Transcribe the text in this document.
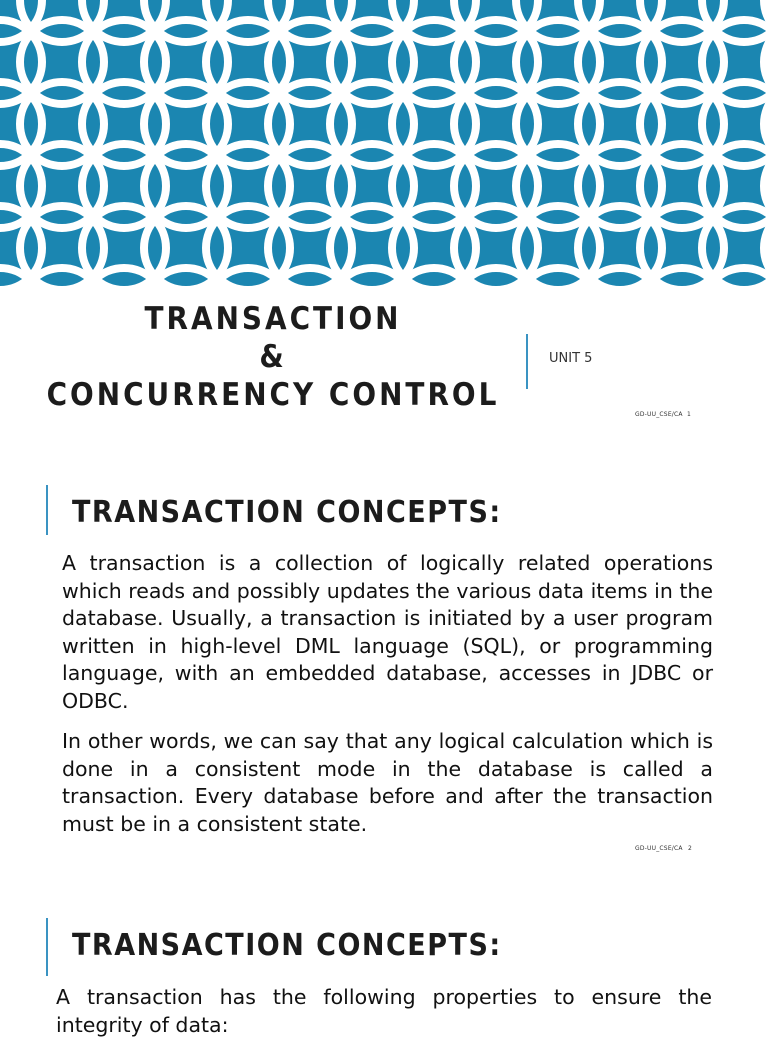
TRANSACTION
&
CONCURRENCY CONTROL
UNIT 5
GD-UU_CSE/CA 1
TRANSACTION CONCEPTS:

A transaction is a collection of logically related operations which reads and possibly updates the various data items in the database. Usually, a transaction is initiated by a user program written in high-level DML language (SQL), or programming language, with an embedded database, accesses in JDBC or ODBC.

In other words, we can say that any logical calculation which is done in a consistent mode in the database is called a transaction. Every database before and after the transaction must be in a consistent state.

GD-UU_CSE/CA 2
TRANSACTION CONCEPTS:

A transaction has the following properties to ensure the integrity of data:
